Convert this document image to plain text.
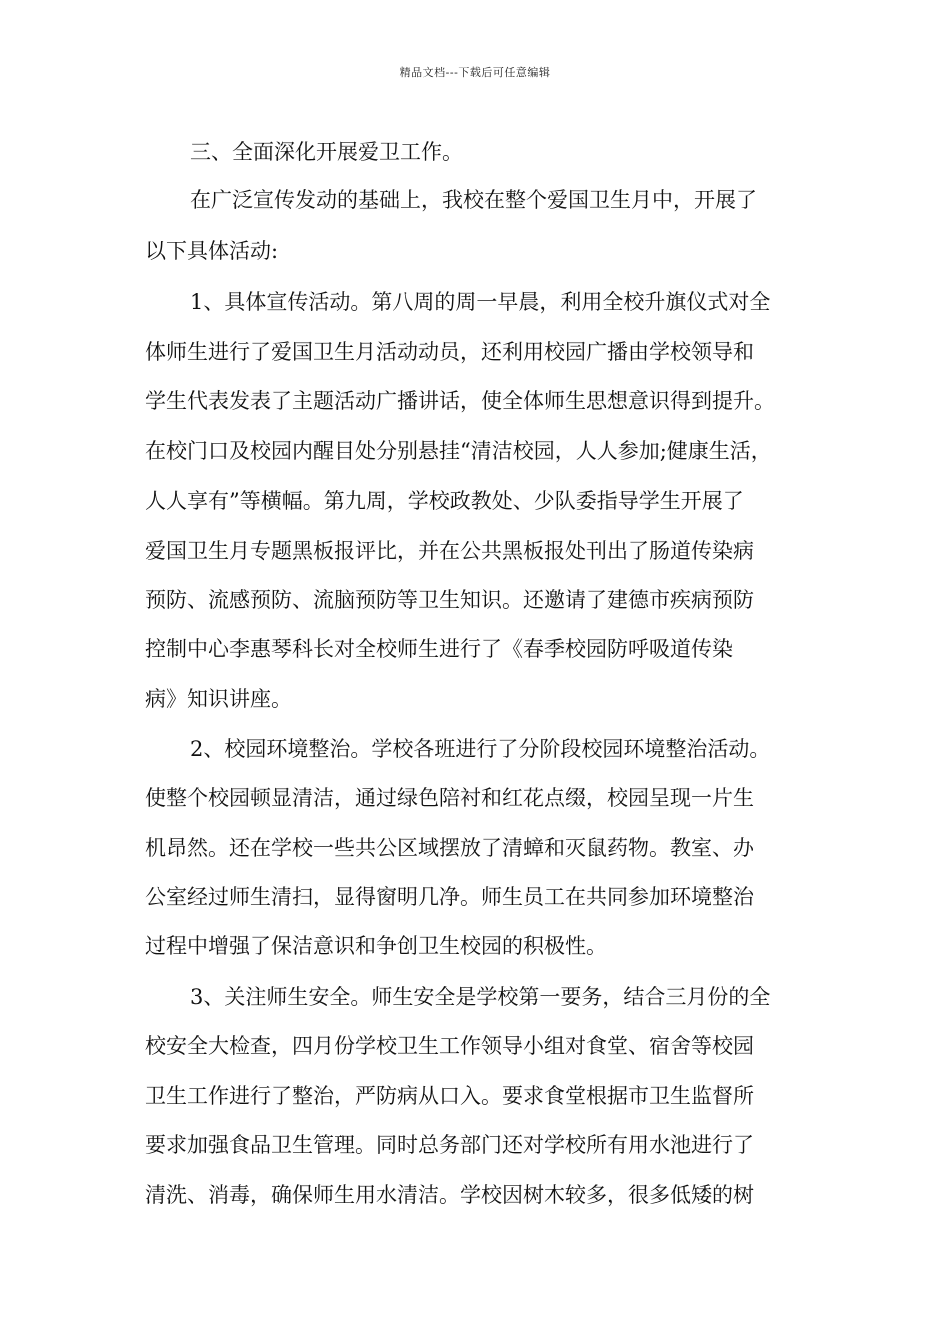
精品文档---下载后可任意编辑
三、全面深化开展爱卫工作。
在广泛宣传发动的基础上，我校在整个爱国卫生月中，开展了
以下具体活动:
1、具体宣传活动。第八周的周一早晨，利用全校升旗仪式对全
体师生进行了爱国卫生月活动动员，还利用校园广播由学校领导和
学生代表发表了主题活动广播讲话，使全体师生思想意识得到提升。
在校门口及校园内醒目处分别悬挂“清洁校园，人人参加;健康生活，
人人享有”等横幅。第九周，学校政教处、少队委指导学生开展了
爱国卫生月专题黑板报评比，并在公共黑板报处刊出了肠道传染病
预防、流感预防、流脑预防等卫生知识。还邀请了建德市疾病预防
控制中心李惠琴科长对全校师生进行了《春季校园防呼吸道传染
病》知识讲座。
2、校园环境整治。学校各班进行了分阶段校园环境整治活动。
使整个校园顿显清洁，通过绿色陪衬和红花点缀，校园呈现一片生
机昂然。还在学校一些共公区域摆放了清蟑和灭鼠药物。教室、办
公室经过师生清扫，显得窗明几净。师生员工在共同参加环境整治
过程中增强了保洁意识和争创卫生校园的积极性。
3、关注师生安全。师生安全是学校第一要务，结合三月份的全
校安全大检查，四月份学校卫生工作领导小组对食堂、宿舍等校园
卫生工作进行了整治，严防病从口入。要求食堂根据市卫生监督所
要求加强食品卫生管理。同时总务部门还对学校所有用水池进行了
清洗、消毒，确保师生用水清洁。学校因树木较多，很多低矮的树
